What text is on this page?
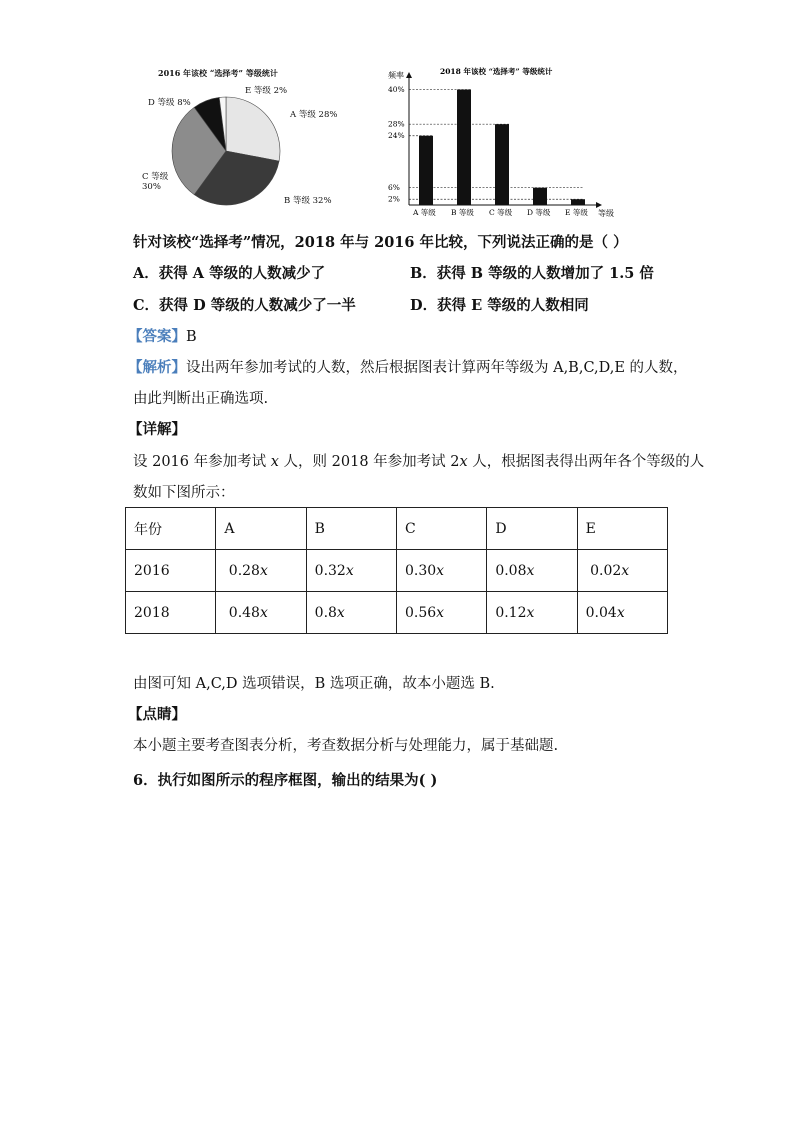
2016 年该校 “选择考” 等级统计
E 等级 2%
A 等级 28%
B 等级 32%
C 等级
30%
D 等级 8%
2018 年该校 “选择考” 等级统计
频率
等级
40%
28%
24%
6%
2%
A 等级 B 等级 C 等级 D 等级 E 等级
针对该校“选择考”情况，2018 年与 2016 年比较，下列说法正确的是（ ）
A．获得 A 等级的人数减少了	B．获得 B 等级的人数增加了 1.5 倍
C．获得 D 等级的人数减少了一半	D．获得 E 等级的人数相同
【答案】B
【解析】设出两年参加考试的人数，然后根据图表计算两年等级为 A,B,C,D,E 的人数，
由此判断出正确选项.
【详解】
设 2016 年参加考试 x 人，则 2018 年参加考试 2x 人，根据图表得出两年各个等级的人
数如下图所示：
年份	A	B	C	D	E
2016	0.28x	0.32x	0.30x	0.08x	0.02x
2018	0.48x	0.8x	0.56x	0.12x	0.04x
由图可知 A,C,D 选项错误，B 选项正确，故本小题选 B.
【点睛】
本小题主要考查图表分析，考查数据分析与处理能力，属于基础题.
6．执行如图所示的程序框图，输出的结果为( )
